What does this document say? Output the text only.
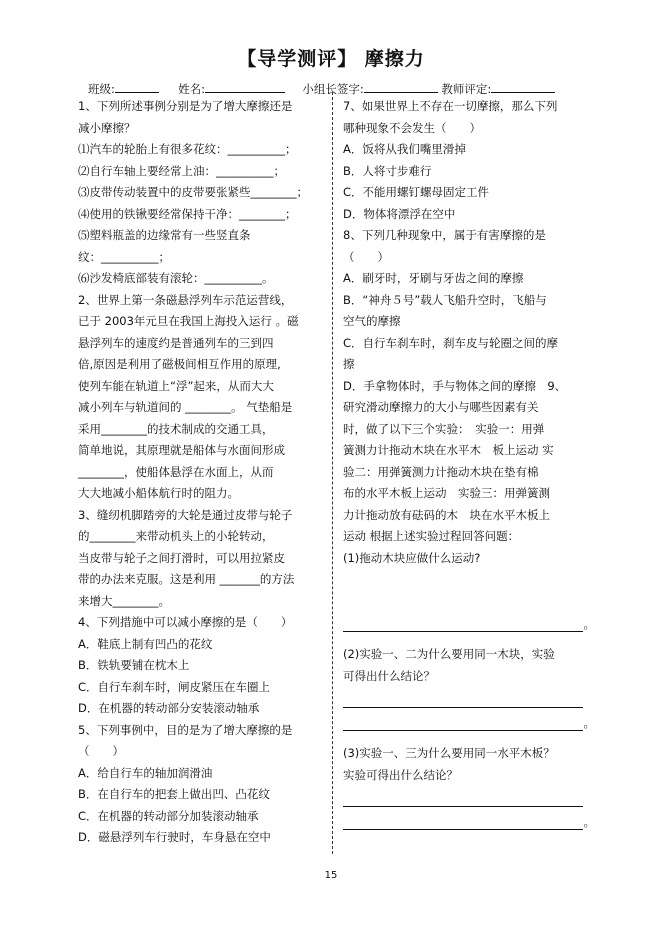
【导学测评】 摩擦力
班级:	姓名:	小组长签字:	教师评定:

1、下列所述事例分别是为了增大摩擦还是

减小摩擦？

⑴汽车的轮胎上有很多花纹：__________；

⑵自行车轴上要经常上油：__________；

⑶皮带传动装置中的皮带要张紧些________；

⑷使用的铁锹要经常保持干净：________；

⑸塑料瓶盖的边缘常有一些竖直条

纹：__________；

⑹沙发椅底部装有滚轮：__________。

2、世界上第一条磁悬浮列车示范运营线，

已于 2003年元旦在我国上海投入运行 。磁

悬浮列车的速度约是普通列车的三到四

倍,原因是利用了磁极间相互作用的原理,

使列车能在轨道上“浮”起来，从而大大

减小列车与轨道间的 ________。 气垫船是

采用________的技术制成的交通工具，

简单地说，其原理就是船体与水面间形成

________，使船体悬浮在水面上，从而

大大地减小船体航行时的阻力。

3、缝纫机脚踏旁的大轮是通过皮带与轮子

的________来带动机头上的小轮转动，

当皮带与轮子之间打滑时，可以用拉紧皮

带的办法来克服。这是利用 _______的方法

来增大________。

4、下列措施中可以减小摩擦的是（　　）

A．鞋底上制有凹凸的花纹

B．铁轨要铺在枕木上

C．自行车刹车时，闸皮紧压在车圈上

D．在机器的转动部分安装滚动轴承

5、下列事例中，目的是为了增大摩擦的是

（　　）

A．给自行车的轴加润滑油

B．在自行车的把套上做出凹、凸花纹

C．在机器的转动部分加装滚动轴承

D．磁悬浮列车行驶时，车身悬在空中

7、如果世界上不存在一切摩擦，那么下列

哪种现象不会发生（　　）

A．饭将从我们嘴里滑掉

B．人将寸步难行

C．不能用螺钉螺母固定工件

D．物体将漂浮在空中

8、下列几种现象中，属于有害摩擦的是

（　　）

A．刷牙时，牙刷与牙齿之间的摩擦

B．“神舟５号”载人飞船升空时，飞船与

空气的摩擦

C．自行车刹车时，刹车皮与轮圈之间的摩

擦

D．手拿物体时，手与物体之间的摩擦　9、

研究滑动摩擦力的大小与哪些因素有关

时，做了以下三个实验：　实验一：用弹

簧测力计拖动木块在水平木　板上运动 实

验二：用弹簧测力计拖动木块在垫有棉

布的水平木板上运动　实验三：用弹簧测

力计拖动放有砝码的木　块在水平木板上

运动 根据上述实验过程回答问题：

(1)拖动木块应做什么运动?

。

(2)实验一、二为什么要用同一木块，实验

可得出什么结论？

。

(3)实验一、三为什么要用同一水平木板？

实验可得出什么结论？

。
15
